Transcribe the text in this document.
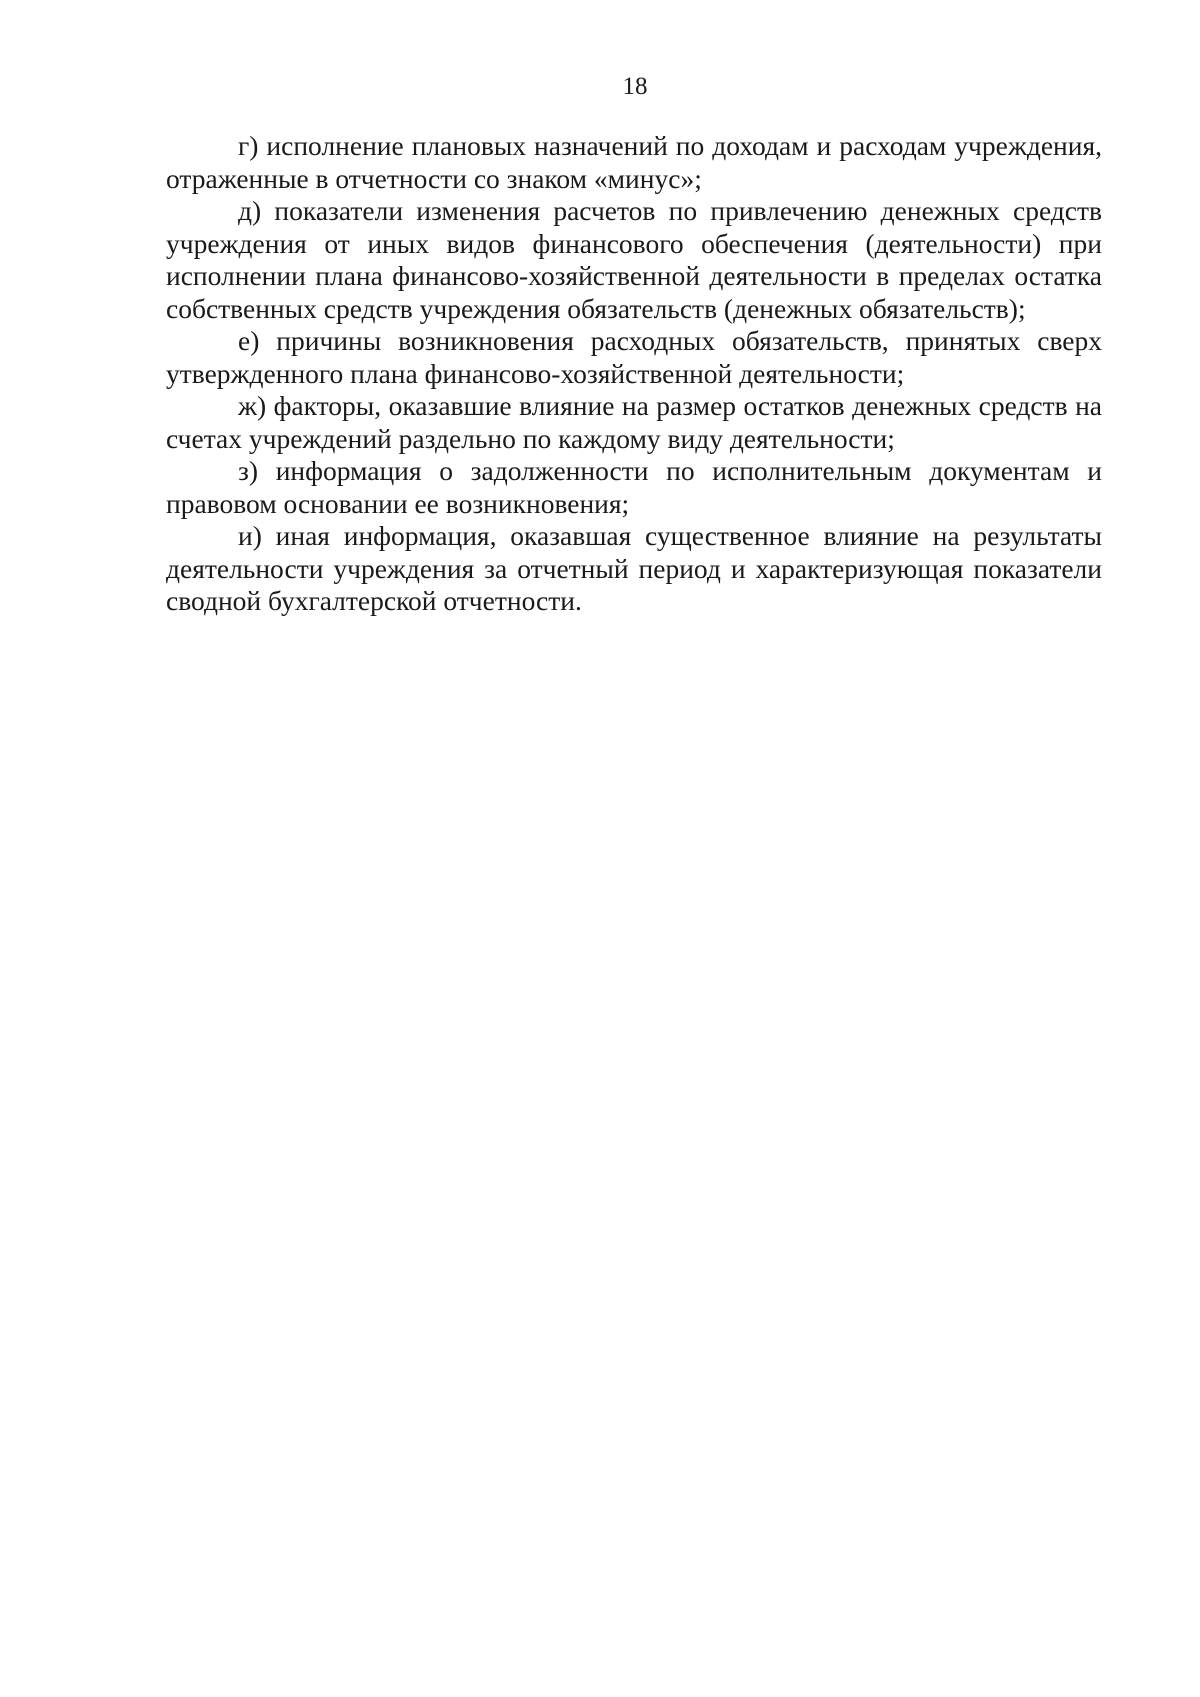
18

г) исполнение плановых назначений по доходам и расходам учреждения, отраженные в отчетности со знаком «минус»;

д) показатели изменения расчетов по привлечению денежных средств учреждения от иных видов финансового обеспечения (деятельности) при исполнении плана финансово-хозяйственной деятельности в пределах остатка собственных средств учреждения обязательств (денежных обязательств);

е) причины возникновения расходных обязательств, принятых сверх утвержденного плана финансово-хозяйственной деятельности;

ж) факторы, оказавшие влияние на размер остатков денежных средств на счетах учреждений раздельно по каждому виду деятельности;

з) информация о задолженности по исполнительным документам и правовом основании ее возникновения;

и) иная информация, оказавшая существенное влияние на результаты деятельности учреждения за отчетный период и характеризующая показатели сводной бухгалтерской отчетности.
